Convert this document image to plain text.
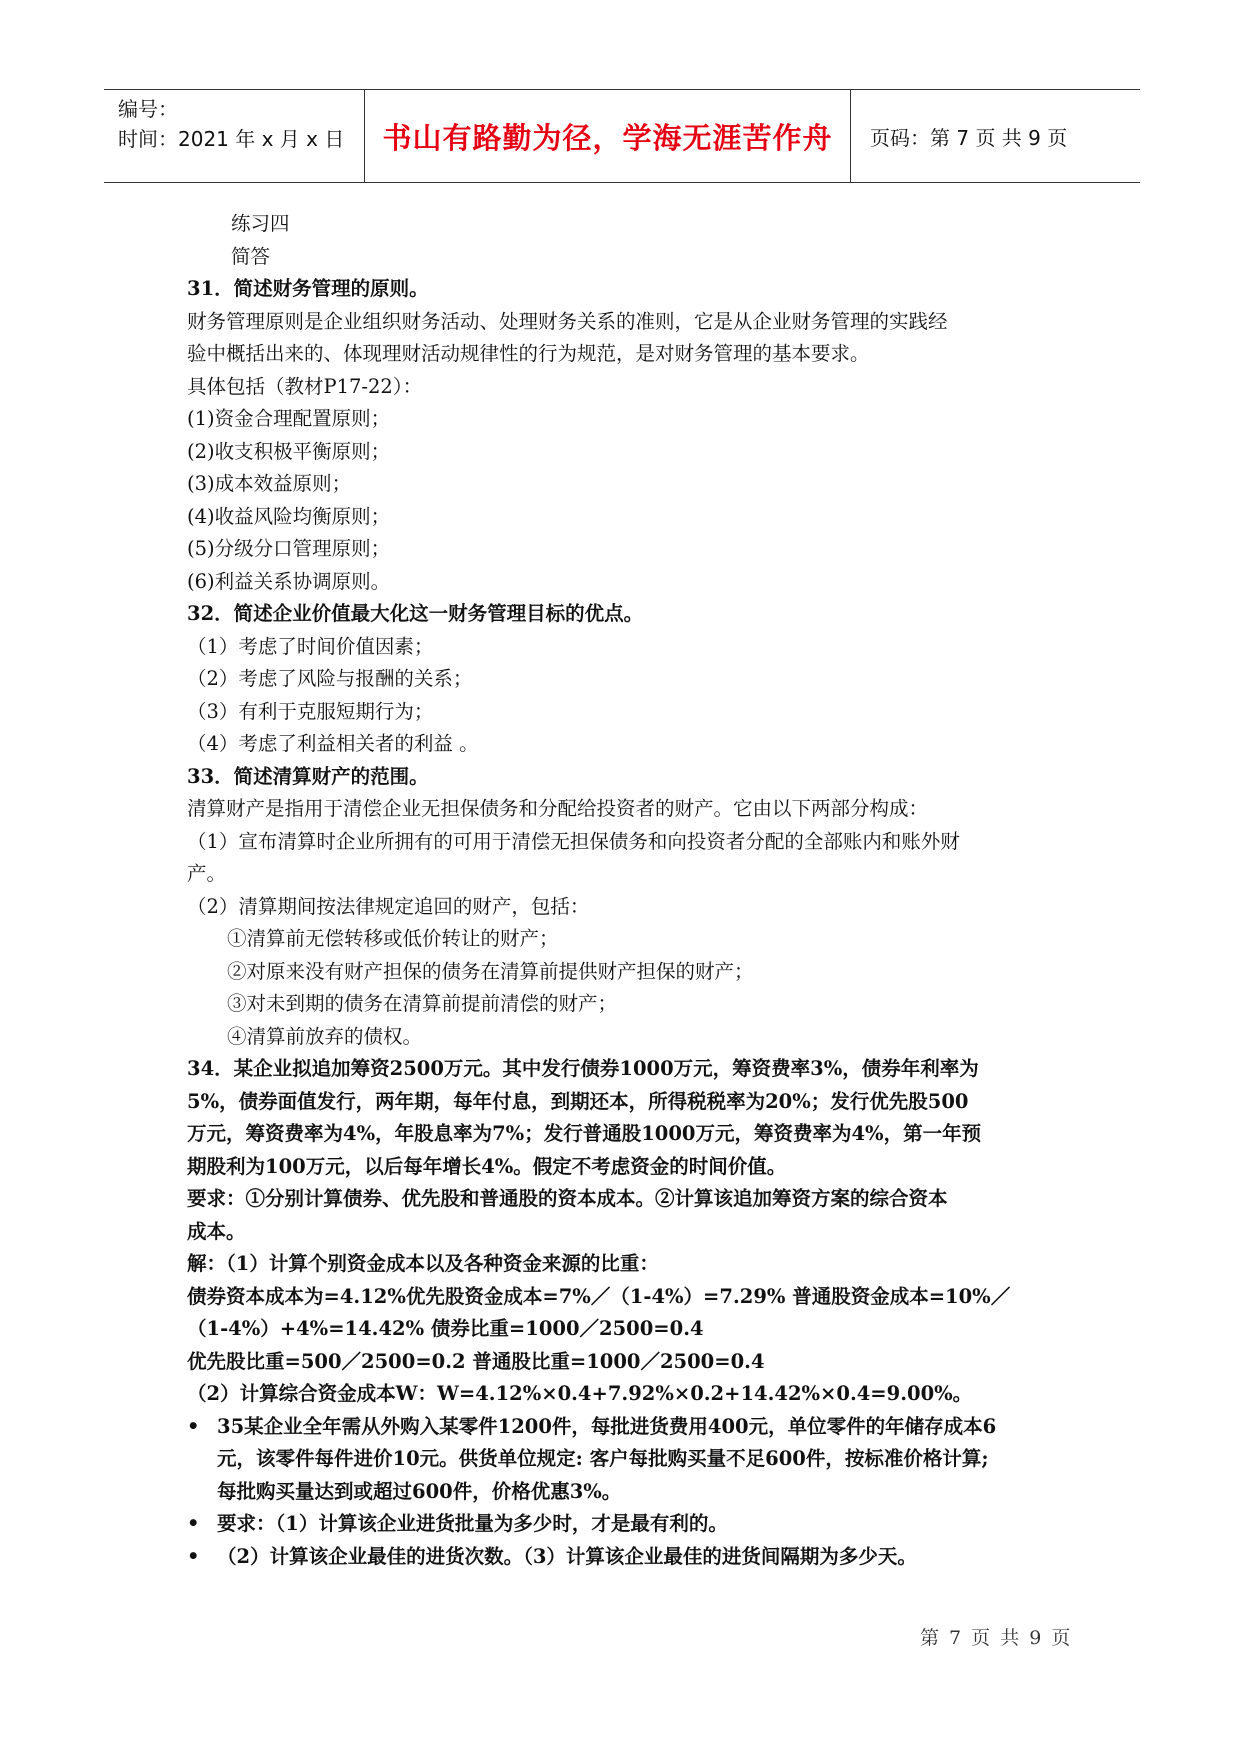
编号：
时间：2021 年 x 月 x 日	书山有路勤为径，学海无涯苦作舟	页码：第 7 页 共 9 页
练习四
简答
31．简述财务管理的原则。
财务管理原则是企业组织财务活动、处理财务关系的准则，它是从企业财务管理的实践经
验中概括出来的、体现理财活动规律性的行为规范，是对财务管理的基本要求。
具体包括（教材P17-22）：
(1)资金合理配置原则；
(2)收支积极平衡原则；
(3)成本效益原则；
(4)收益风险均衡原则；
(5)分级分口管理原则；
(6)利益关系协调原则。
32．简述企业价值最大化这一财务管理目标的优点。
（1）考虑了时间价值因素；
（2）考虑了风险与报酬的关系；
（3）有利于克服短期行为；
（4）考虑了利益相关者的利益 。
33．简述清算财产的范围。
清算财产是指用于清偿企业无担保债务和分配给投资者的财产。它由以下两部分构成：
（1）宣布清算时企业所拥有的可用于清偿无担保债务和向投资者分配的全部账内和账外财
产。
（2）清算期间按法律规定追回的财产，包括：
①清算前无偿转移或低价转让的财产；
②对原来没有财产担保的债务在清算前提供财产担保的财产；
③对未到期的债务在清算前提前清偿的财产；
④清算前放弃的债权。
34．某企业拟追加筹资2500万元。其中发行债券1000万元，筹资费率3%，债券年利率为
5%，债券面值发行，两年期，每年付息，到期还本，所得税税率为20%；发行优先股500
万元，筹资费率为4%，年股息率为7%；发行普通股1000万元，筹资费率为4%，第一年预
期股利为100万元，以后每年增长4%。假定不考虑资金的时间价值。
要求：①分别计算债券、优先股和普通股的资本成本。②计算该追加筹资方案的综合资本
成本。
解：（1）计算个别资金成本以及各种资金来源的比重：
债券资本成本为=4.12%优先股资金成本=7%／（1-4%）=7.29% 普通股资金成本=10%／
（1-4%）+4%=14.42% 债券比重=1000／2500=0.4
优先股比重=500／2500=0.2 普通股比重=1000／2500=0.4
（2）计算综合资金成本W：W=4.12%×0.4+7.92%×0.2+14.42%×0.4=9.00%。
• 35某企业全年需从外购入某零件1200件，每批进货费用400元，单位零件的年储存成本6
元，该零件每件进价10元。供货单位规定: 客户每批购买量不足600件，按标准价格计算;
每批购买量达到或超过600件，价格优惠3%。
• 要求：（1）计算该企业进货批量为多少时，才是最有利的。
• （2）计算该企业最佳的进货次数。（3）计算该企业最佳的进货间隔期为多少天。
第 7 页 共 9 页
